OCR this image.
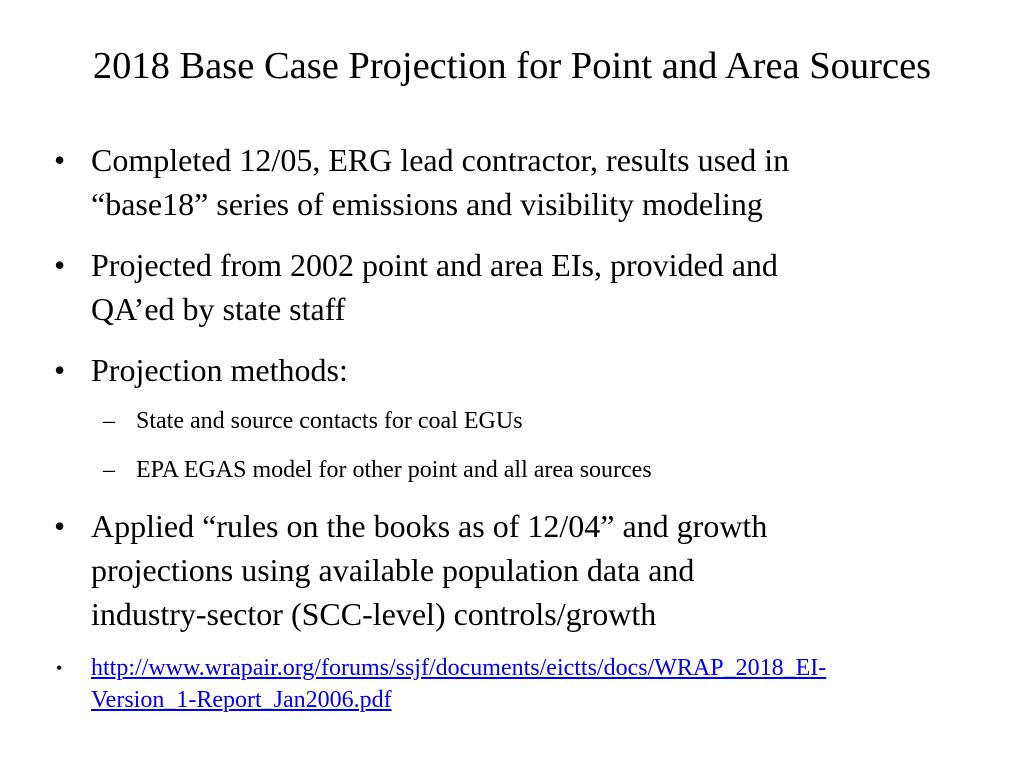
2018 Base Case Projection for Point and Area Sources
• Completed 12/05, ERG lead contractor, results used in
“base18” series of emissions and visibility modeling
• Projected from 2002 point and area EIs, provided and
QA’ed by state staff
• Projection methods:
– State and source contacts for coal EGUs
– EPA EGAS model for other point and all area sources
• Applied “rules on the books as of 12/04” and growth
projections using available population data and
industry-sector (SCC-level) controls/growth
• http://www.wrapair.org/forums/ssjf/documents/eictts/docs/WRAP_2018_EI-
Version_1-Report_Jan2006.pdf
